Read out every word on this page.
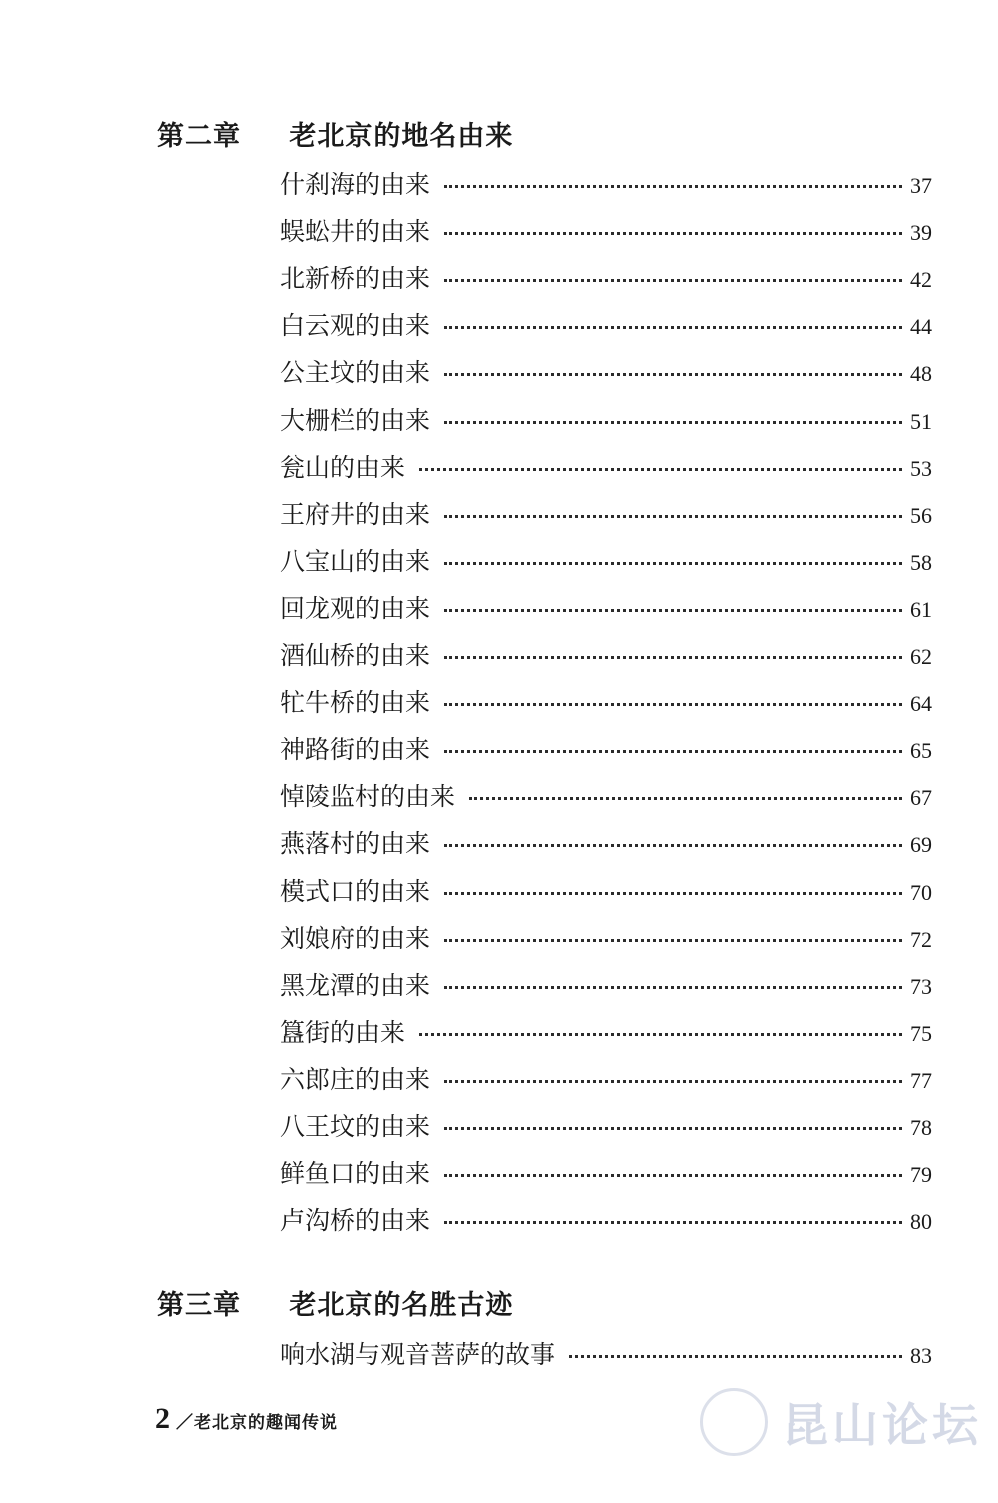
第二章 老北京的地名由来
什刹海的由来	37
蜈蚣井的由来	39
北新桥的由来	42
白云观的由来	44
公主坟的由来	48
大栅栏的由来	51
瓮山的由来	53
王府井的由来	56
八宝山的由来	58
回龙观的由来	61
酒仙桥的由来	62
牤牛桥的由来	64
神路街的由来	65
悼陵监村的由来	67
燕落村的由来	69
模式口的由来	70
刘娘府的由来	72
黑龙潭的由来	73
簋街的由来	75
六郎庄的由来	77
八王坟的由来	78
鲜鱼口的由来	79
卢沟桥的由来	80
第三章 老北京的名胜古迹
响水湖与观音菩萨的故事	83
2 ／老北京的趣闻传说	昆山论坛
